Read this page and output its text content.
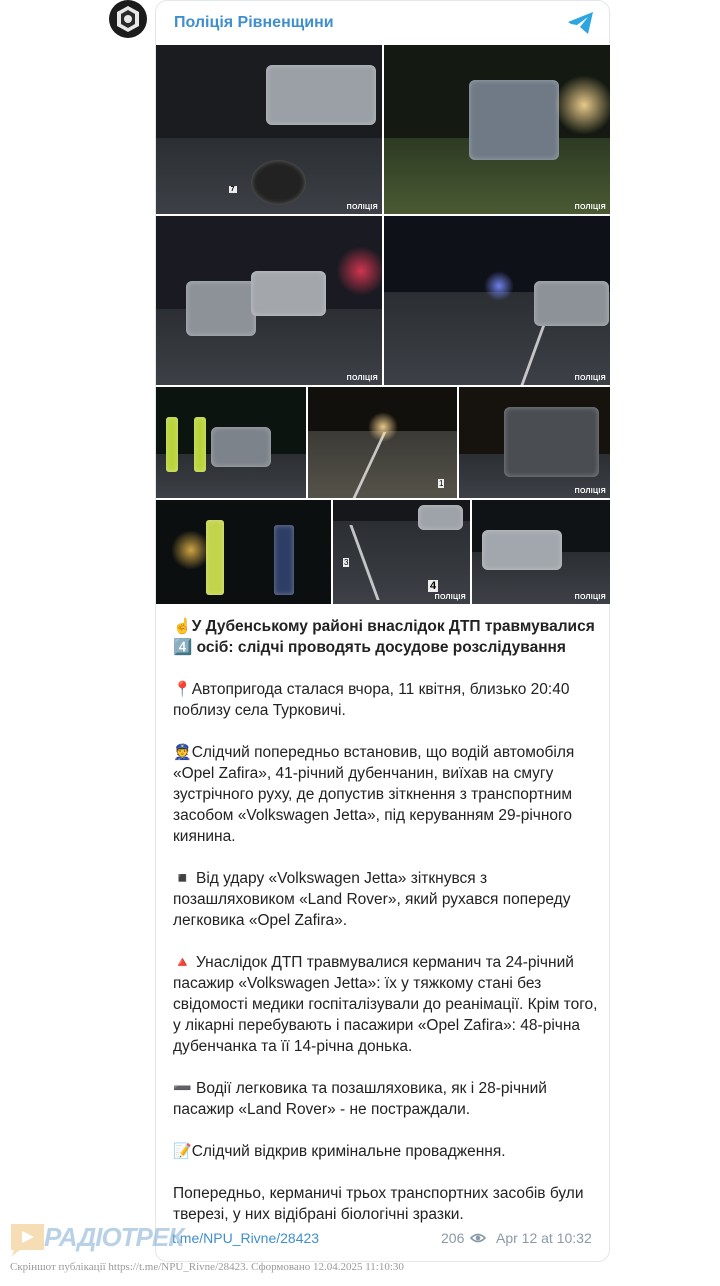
Поліція Рівненщини
7
ПОЛІЦІЯ	ПОЛІЦІЯ
ПОЛІЦІЯ	ПОЛІЦІЯ
1
ПОЛІЦІЯ
4
3
ПОЛІЦІЯ	ПОЛІЦІЯ
☝У Дубенському районі внаслідок ДТП травмувалися 4️⃣ осіб: слідчі проводять досудове розслідування
📍Автопригода сталася вчора, 11 квітня, близько 20:40 поблизу села Турковичі.
👮Слідчий попередньо встановив, що водій автомобіля «Opel Zafira», 41-річний дубенчанин, виїхав на смугу зустрічного руху, де допустив зіткнення з транспортним засобом «Volkswagen Jetta», під керуванням 29-річного киянина.
◾ Від удару «Volkswagen Jetta» зіткнувся з позашляховиком «Land Rover», який рухався попереду легковика «Opel Zafira».
🔺 Унаслідок ДТП травмувалися кермaнич та 24-річний пасажир «Volkswagen Jetta»: їх у тяжкому стані без свідомості медики госпіталізували до реанімації. Крім того, у лікарні перебувають і пасажири «Opel Zafira»: 48-річна дубенчанка та її 14-річна донька.
➖ Водії легковика та позашляховика, як і 28-річний пасажир «Land Rover» - не постраждали.
📝Слідчий відкрив кримінальне провадження.
Попередньо, кермaничі трьох транспортних засобів були тверезі, у них відібрані біологічні зразки.
t.me/NPU_Rivne/28423	206 Apr 12 at 10:32
РАДІОТРЕК
Скріншот публікації https://t.me/NPU_Rivne/28423. Сформовано 12.04.2025 11:10:30
